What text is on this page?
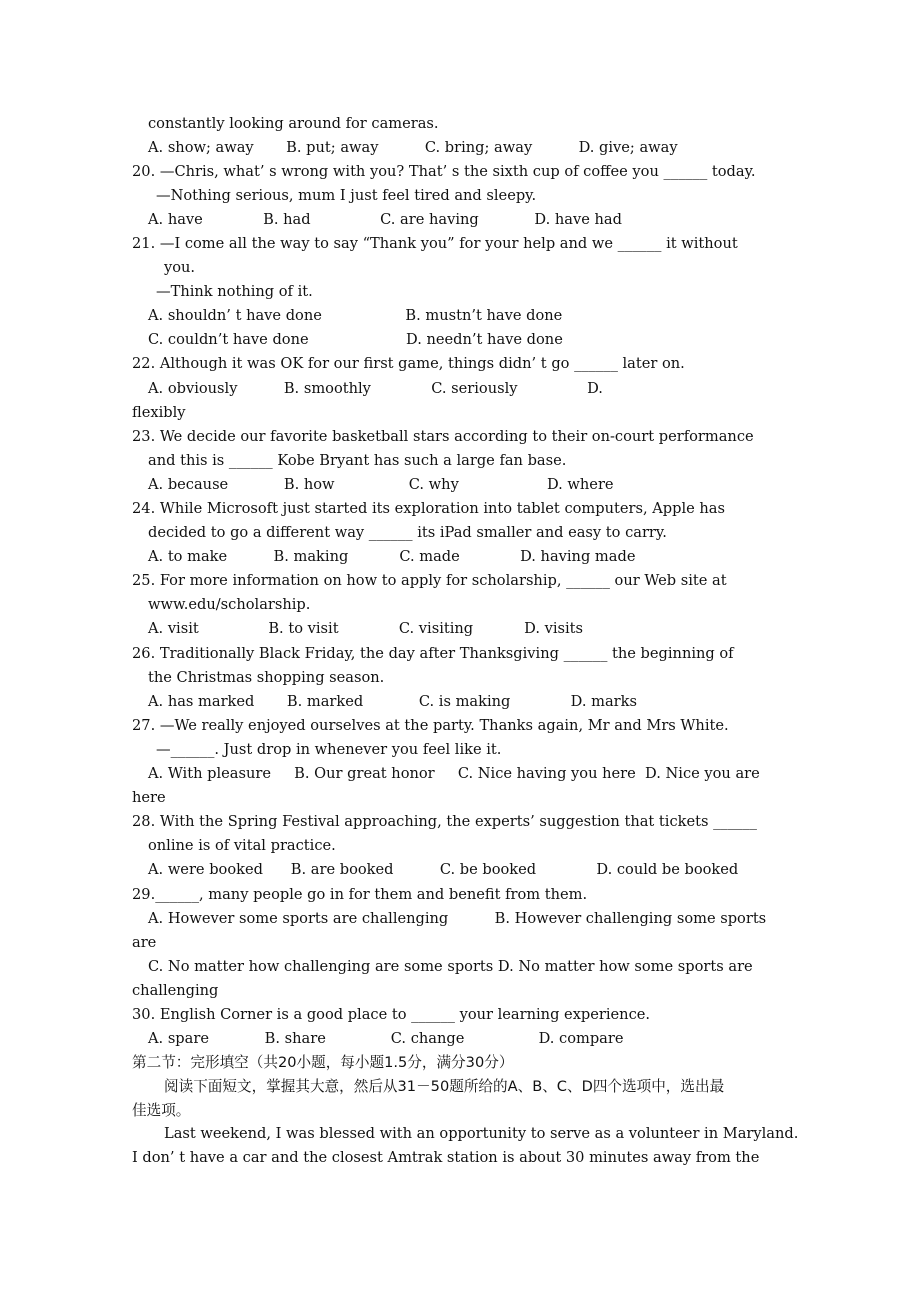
constantly looking around for cameras.
A. show; away       B. put; away          C. bring; away          D. give; away
20. —Chris, what’ s wrong with you? That’ s the sixth cup of coffee you ______ today.
—Nothing serious, mum I just feel tired and sleepy.
A. have             B. had               C. are having            D. have had
21. —I come all the way to say “Thank you” for your help and we ______ it without
you.
—Think nothing of it.
A. shouldn’ t have done                  B. mustn’t have done
C. couldn’t have done                     D. needn’t have done
22. Although it was OK for our first game, things didn’ t go ______ later on.
A. obviously          B. smoothly             C. seriously               D.
flexibly
23. We decide our favorite basketball stars according to their on-court performance
and this is ______ Kobe Bryant has such a large fan base.
A. because            B. how                C. why                   D. where
24. While Microsoft just started its exploration into tablet computers, Apple has
decided to go a different way ______ its iPad smaller and easy to carry.
A. to make          B. making           C. made             D. having made
25. For more information on how to apply for scholarship, ______ our Web site at
www.edu/scholarship.
A. visit               B. to visit             C. visiting           D. visits
26. Traditionally Black Friday, the day after Thanksgiving ______ the beginning of
the Christmas shopping season.
A. has marked       B. marked            C. is making             D. marks
27. —We really enjoyed ourselves at the party. Thanks again, Mr and Mrs White.
—______. Just drop in whenever you feel like it.
A. With pleasure     B. Our great honor     C. Nice having you here  D. Nice you are
here
28. With the Spring Festival approaching, the experts’ suggestion that tickets ______
online is of vital practice.
A. were booked      B. are booked          C. be booked             D. could be booked
29.______, many people go in for them and benefit from them.
A. However some sports are challenging          B. However challenging some sports
are
C. No matter how challenging are some sports D. No matter how some sports are
challenging
30. English Corner is a good place to ______ your learning experience.
A. spare            B. share              C. change                D. compare
第二节：完形填空（共20小题，每小题1.5分，满分30分）
阅读下面短文，掌握其大意，然后从31－50题所给的A、B、C、D四个选项中，选出最
佳选项。
Last weekend, I was blessed with an opportunity to serve as a volunteer in Maryland.
I don’ t have a car and the closest Amtrak station is about 30 minutes away from the
